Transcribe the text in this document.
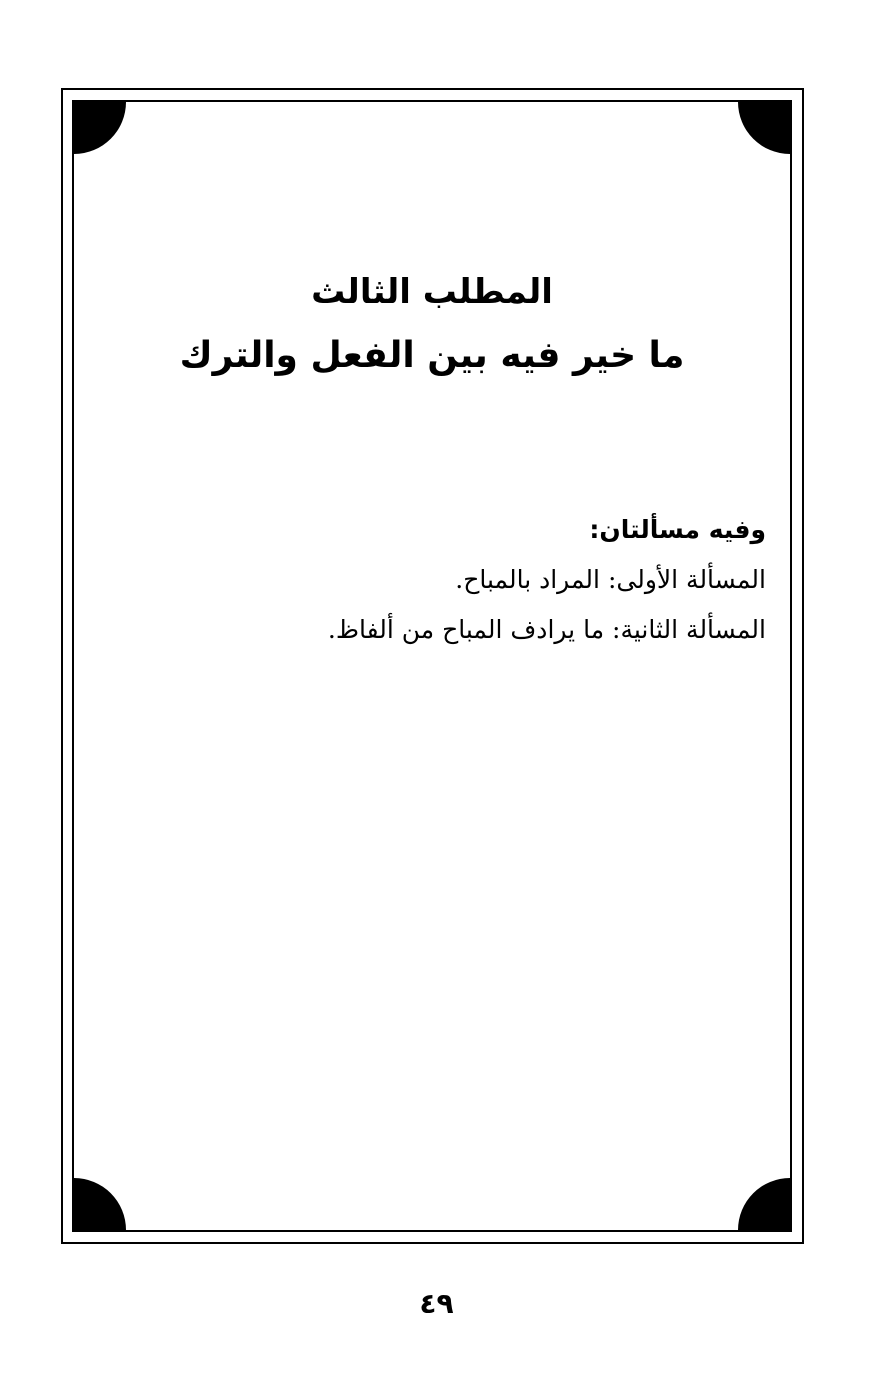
المطلب الثالث
ما خير فيه بين الفعل والترك
وفيه مسألتان:
المسألة الأولى: المراد بالمباح.
المسألة الثانية: ما يرادف المباح من ألفاظ.
٤٩
